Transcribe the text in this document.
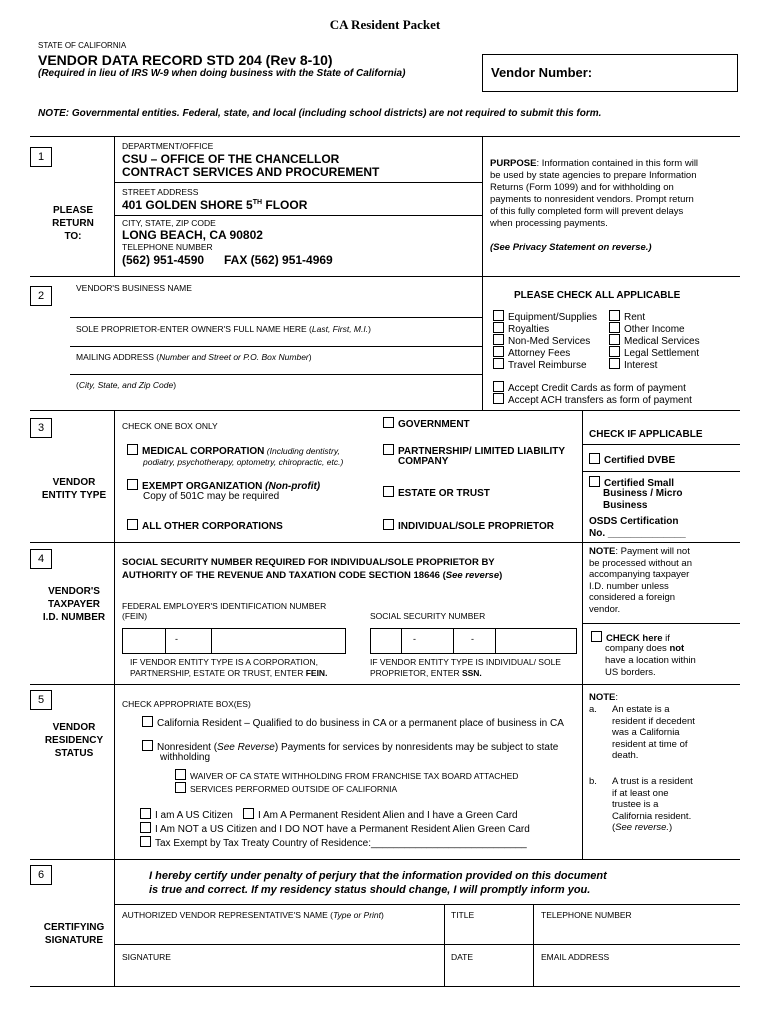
CA Resident Packet
STATE OF CALIFORNIA
VENDOR DATA RECORD STD 204 (Rev 8-10)
(Required in lieu of IRS W-9 when doing business with the State of California)	Vendor Number:
NOTE: Governmental entities. Federal, state, and local (including school districts) are not required to submit this form.
1
PLEASE
RETURN
TO:
DEPARTMENT/OFFICE
CSU – OFFICE OF THE CHANCELLOR
CONTRACT SERVICES AND PROCUREMENT
STREET ADDRESS
401 GOLDEN SHORE 5TH FLOOR
CITY, STATE, ZIP CODE
LONG BEACH, CA 90802
TELEPHONE NUMBER
(562) 951-4590 FAX (562) 951-4969
PURPOSE: Information contained in this form will be used by state agencies to prepare Information Returns (Form 1099) and for withholding on payments to nonresident vendors. Prompt return of this fully completed form will prevent delays when processing payments.
(See Privacy Statement on reverse.)
2
VENDOR'S BUSINESS NAME
SOLE PROPRIETOR-ENTER OWNER'S FULL NAME HERE (Last, First, M.I.)
MAILING ADDRESS (Number and Street or P.O. Box Number)
(City, State, and Zip Code)
PLEASE CHECK ALL APPLICABLE
Equipment/Supplies
Royalties
Non-Med Services
Attorney Fees
Travel Reimburse
Rent
Other Income
Medical Services
Legal Settlement
Interest
Accept Credit Cards as form of payment
Accept ACH transfers as form of payment
3
VENDOR
ENTITY TYPE
CHECK ONE BOX ONLY	GOVERNMENT
MEDICAL CORPORATION (Including dentistry,
podiatry, psychotherapy, optometry, chiropractic, etc.)
PARTNERSHIP/ LIMITED LIABILITY
COMPANY
EXEMPT ORGANIZATION (Non-profit)
Copy of 501C may be required	ESTATE OR TRUST
ALL OTHER CORPORATIONS	INDIVIDUAL/SOLE PROPRIETOR
CHECK IF APPLICABLE
Certified DVBE
Certified Small
Business / Micro
Business
OSDS Certification
No. ______________
4
VENDOR'S
TAXPAYER
I.D. NUMBER
SOCIAL SECURITY NUMBER REQUIRED FOR INDIVIDUAL/SOLE PROPRIETOR BY
AUTHORITY OF THE REVENUE AND TAXATION CODE SECTION 18646 (See reverse)
FEDERAL EMPLOYER'S IDENTIFICATION NUMBER
(FEIN)	SOCIAL SECURITY NUMBER
-	-	-
IF VENDOR ENTITY TYPE IS A CORPORATION,
PARTNERSHIP, ESTATE OR TRUST, ENTER FEIN.
IF VENDOR ENTITY TYPE IS INDIVIDUAL/ SOLE
PROPRIETOR, ENTER SSN.
NOTE: Payment will not
be processed without an
accompanying taxpayer
I.D. number unless
considered a foreign
vendor.
CHECK here if
company does not
have a location within
US borders.
5
VENDOR
RESIDENCY
STATUS
CHECK APPROPRIATE BOX(ES)
California Resident – Qualified to do business in CA or a permanent place of business in CA
Nonresident (See Reverse) Payments for services by nonresidents may be subject to state
withholding
WAIVER OF CA STATE WITHHOLDING FROM FRANCHISE TAX BOARD ATTACHED
SERVICES PERFORMED OUTSIDE OF CALIFORNIA
I am A US Citizen	I Am A Permanent Resident Alien and I have a Green Card
I Am NOT a US Citizen and I DO NOT have a Permanent Resident Alien Green Card
Tax Exempt by Tax Treaty Country of Residence:____________________________
NOTE:
a. An estate is a
resident if decedent
was a California
resident at time of
death.
b. A trust is a resident
if at least one
trustee is a
California resident.
(See reverse.)
6
CERTIFYING
SIGNATURE
I hereby certify under penalty of perjury that the information provided on this document
is true and correct. If my residency status should change, I will promptly inform you.
AUTHORIZED VENDOR REPRESENTATIVE'S NAME (Type or Print)	TITLE	TELEPHONE NUMBER
SIGNATURE	DATE	EMAIL ADDRESS
